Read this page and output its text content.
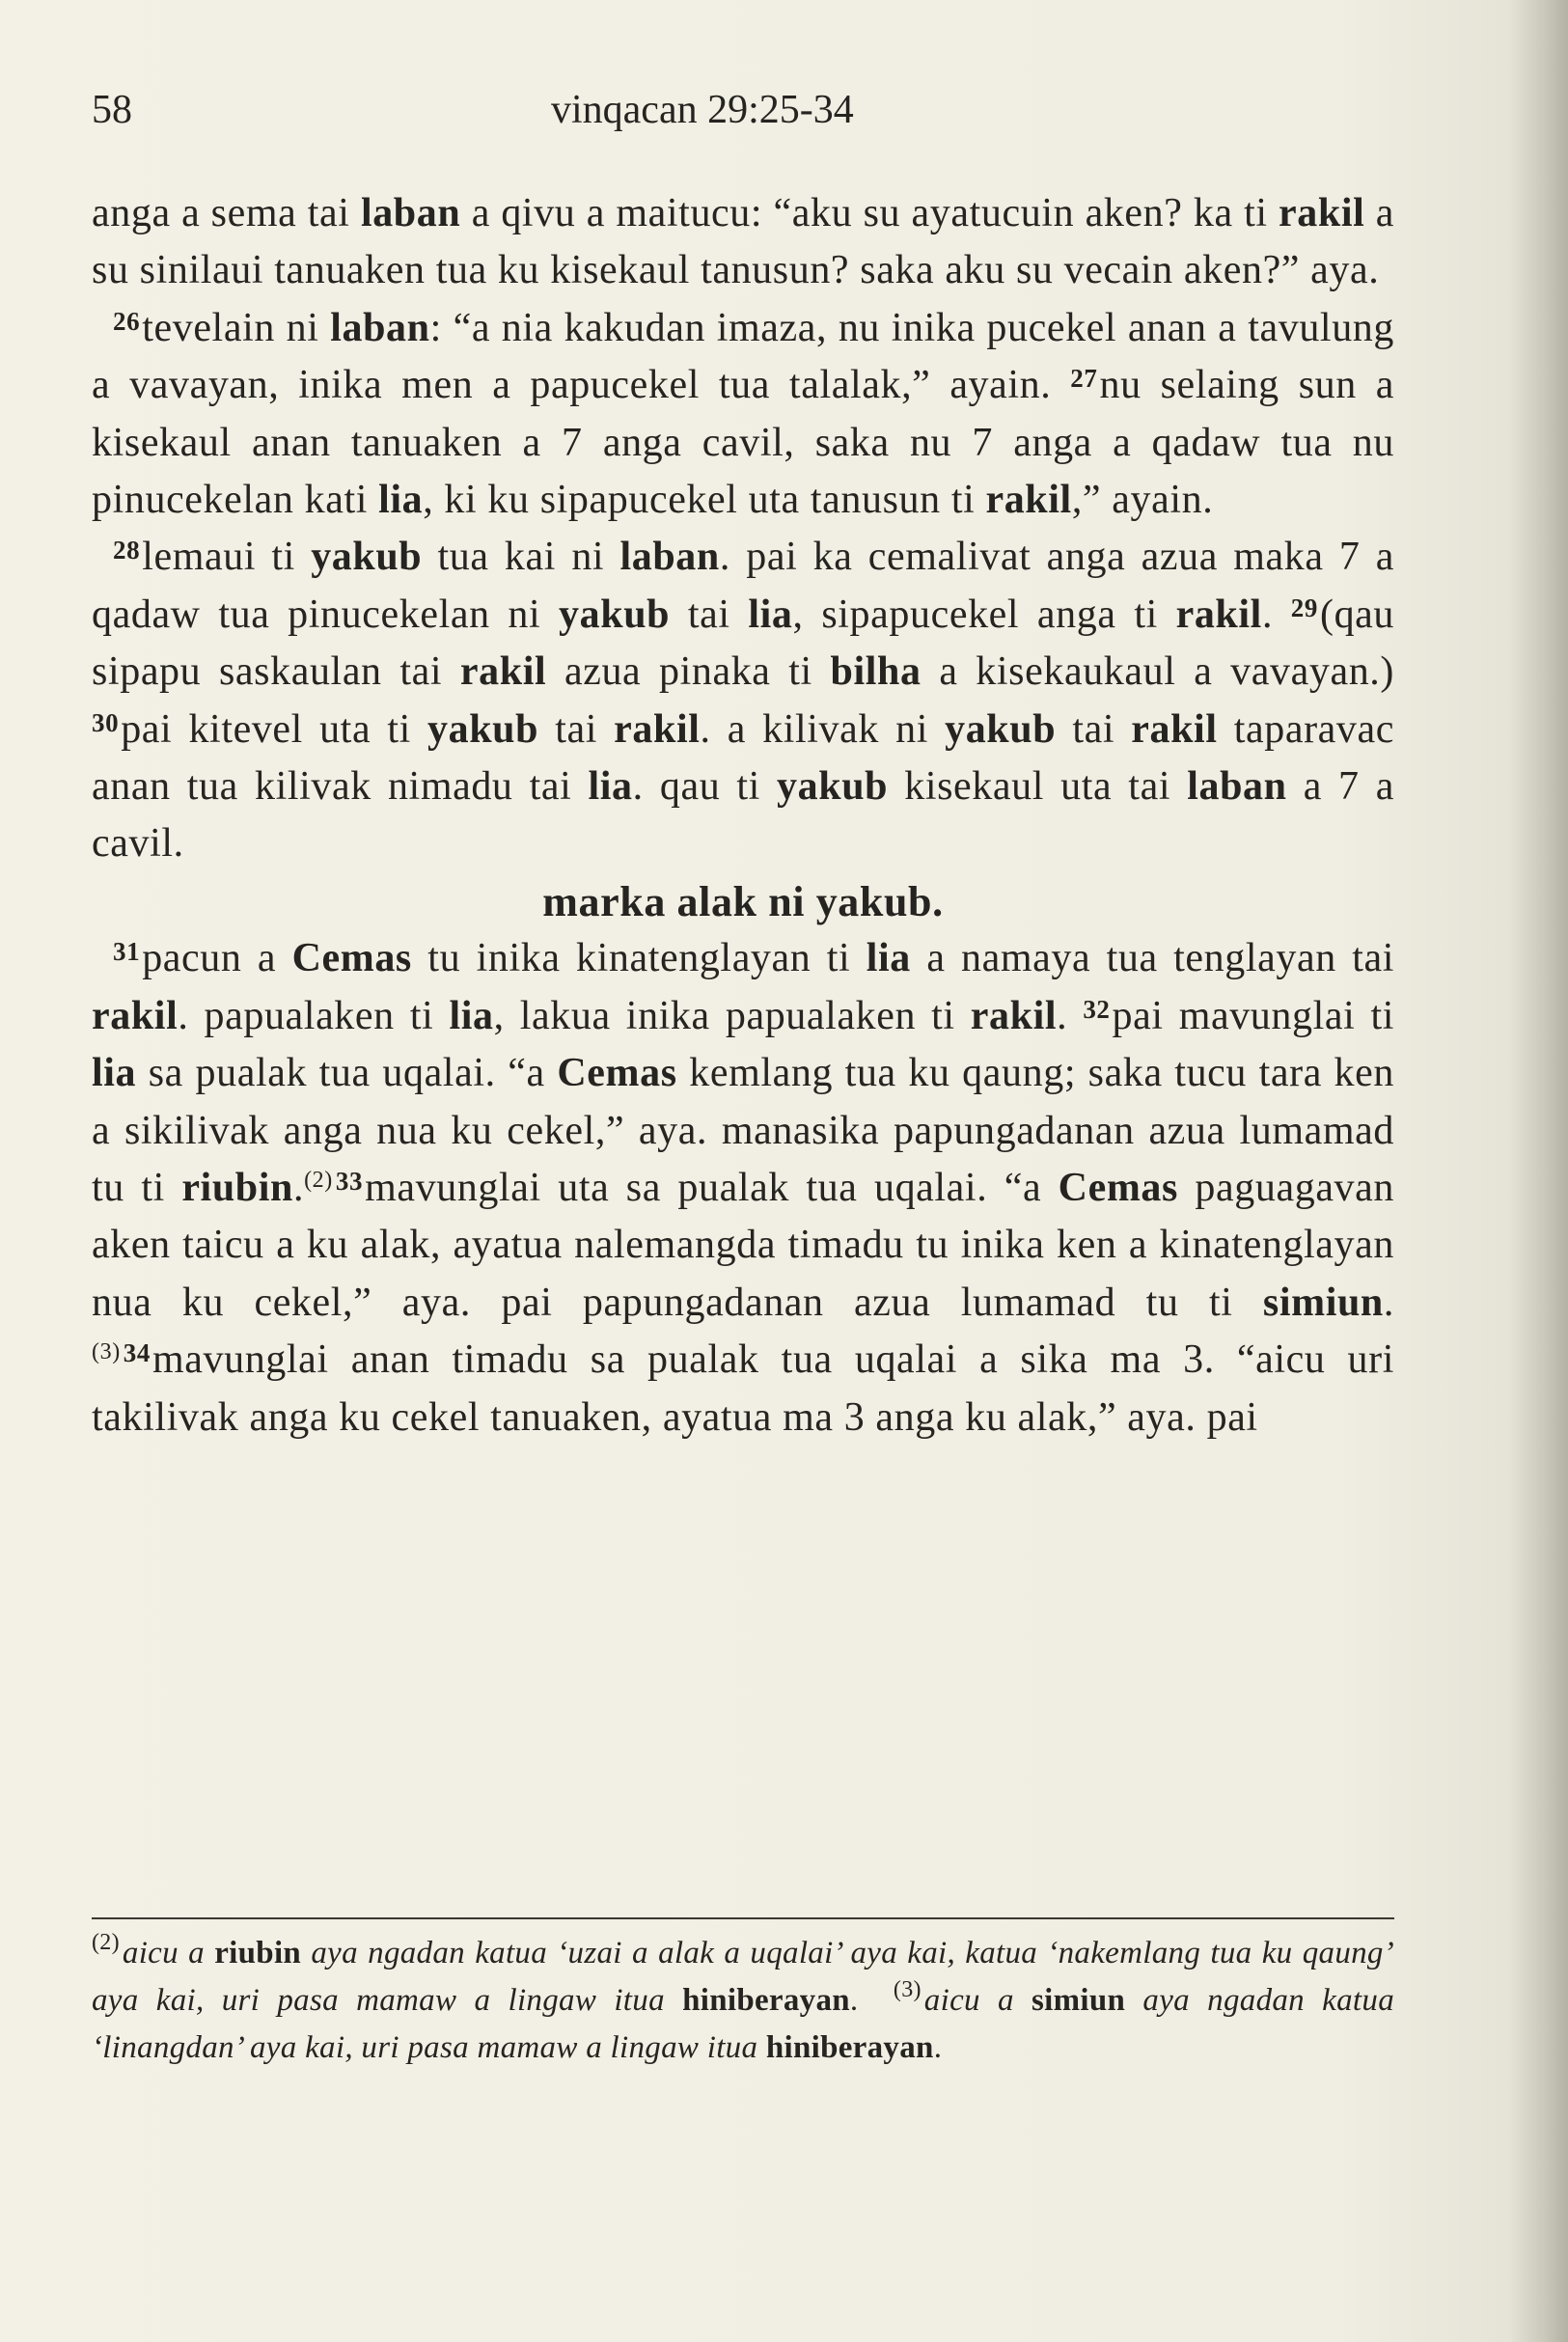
58	vinqacan 29:25-34

anga a sema tai laban a qivu a maitucu: “aku su ayatucuin aken? ka ti rakil a su sinilaui tanuaken tua ku kisekaul tanusun? saka aku su vecain aken?” aya.

$^{26}$tevelain ni laban: “a nia kakudan imaza, nu inika pucekel anan a tavulung a vavayan, inika men a papucekel tua talalak,” ayain. $^{27}$nu selaing sun a kisekaul anan tanuaken a 7 anga cavil, saka nu 7 anga a qadaw tua nu pinucekelan kati lia, ki ku sipapucekel uta tanusun ti rakil,” ayain.

$^{28}$lemaui ti yakub tua kai ni laban. pai ka cemalivat anga azua maka 7 a qadaw tua pinucekelan ni yakub tai lia, sipapucekel anga ti rakil. $^{29}$(qau sipapu saskaulan tai rakil azua pinaka ti bilha a kisekaukaul a vavayan.) $^{30}$pai kitevel uta ti yakub tai rakil. a kilivak ni yakub tai rakil taparavac anan tua kilivak nimadu tai lia. qau ti yakub kisekaul uta tai laban a 7 a cavil.

marka alak ni yakub.

$^{31}$pacun a Cemas tu inika kinatenglayan ti lia a namaya tua tenglayan tai rakil. papualaken ti lia, lakua inika papualaken ti rakil. $^{32}$pai mavunglai ti lia sa pualak tua uqalai. “a Cemas kemlang tua ku qaung; saka tucu tara ken a sikilivak anga nua ku cekel,” aya. manasika papungadanan azua lumamad tu ti riubin.$^{(2)}$ $^{33}$mavunglai uta sa pualak tua uqalai. “a Cemas paguagavan aken taicu a ku alak, ayatua nalemangda timadu tu inika ken a kinatenglayan nua ku cekel,” aya. pai papungadanan azua lumamad tu ti simiun.$^{(3)}$ $^{34}$mavunglai anan timadu sa pualak tua uqalai a sika ma 3. “aicu uri takilivak anga ku cekel tanuaken, ayatua ma 3 anga ku alak,” aya. pai

$^{(2)}$aicu a riubin aya ngadan katua ‘uzai a alak a uqalai’ aya kai, katua ‘nakemlang tua ku qaung’ aya kai, uri pasa mamaw a lingaw itua hiniberayan. $^{(3)}$aicu a simiun aya ngadan katua ‘linangdan’ aya kai, uri pasa mamaw a lingaw itua hiniberayan.
